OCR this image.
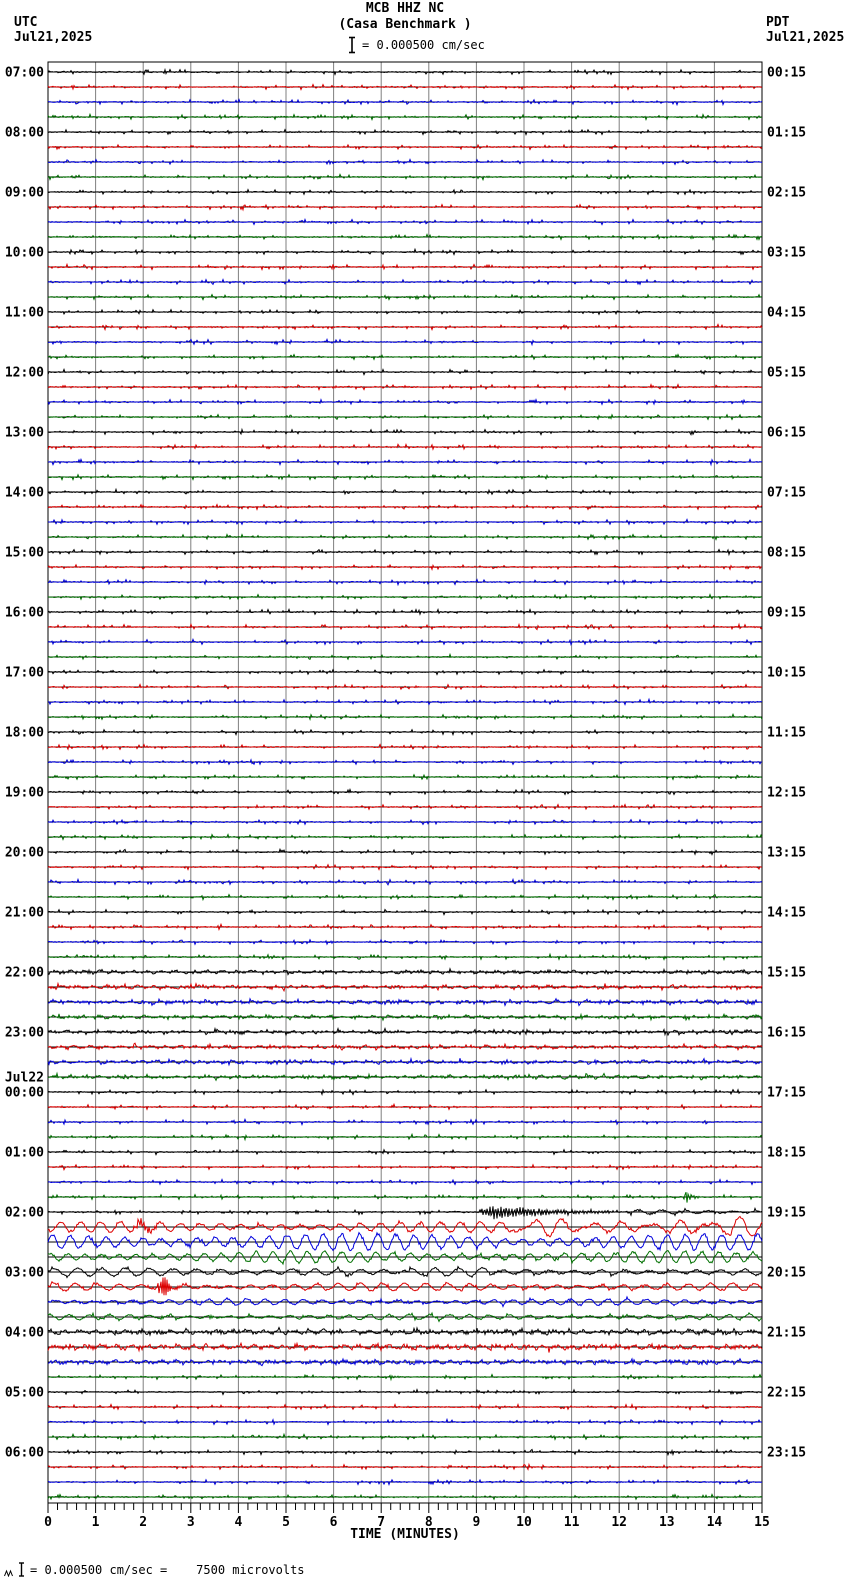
UTC
Jul21,2025
MCB HHZ NC
(Casa Benchmark )
= 0.000500 cm/sec
PDT
Jul21,2025
07:00	00:15
08:00	01:15
09:00	02:15
10:00	03:15
11:00	04:15
12:00	05:15
13:00	06:15
14:00	07:15
15:00	08:15
16:00	09:15
17:00	10:15
18:00	11:15
19:00	12:15
20:00	13:15
21:00	14:15
22:00	15:15
23:00	16:15
00:00	17:15
Jul22
01:00	18:15
02:00	19:15
03:00	20:15
04:00	21:15
05:00	22:15
06:00	23:15
0	1	2	3	4	5	6	7	8	9	10 11 12 13 14 15
TIME (MINUTES)
= 0.000500 cm/sec =    7500 microvolts
